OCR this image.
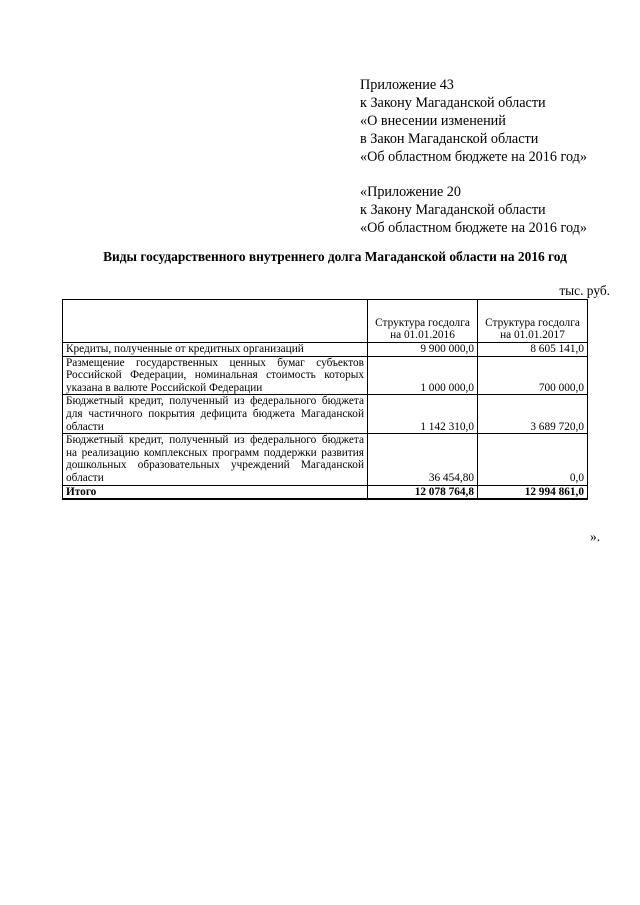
Приложение 43
к Закону Магаданской области
«О внесении изменений
в Закон Магаданской области
«Об областном бюджете на 2016 год»
«Приложение 20
к Закону Магаданской области
«Об областном бюджете на 2016 год»
Виды государственного внутреннего долга Магаданской области на 2016 год
тыс. руб.
	Структура госдолга на 01.01.2016	Структура госдолга на 01.01.2017
Кредиты, полученные от кредитных организаций	9 900 000,0	8 605 141,0
Размещение государственных ценных бумаг субъектов Российской Федерации, номинальная стоимость которых указана в валюте Российской Федерации	1 000 000,0	700 000,0
Бюджетный кредит, полученный из федерального бюджета для частичного покрытия дефицита бюджета Магаданской области	1 142 310,0	3 689 720,0
Бюджетный кредит, полученный из федерального бюджета на реализацию комплексных программ поддержки развития дошкольных образовательных учреждений Магаданской области	36 454,80	0,0
Итого	12 078 764,8	12 994 861,0
».
